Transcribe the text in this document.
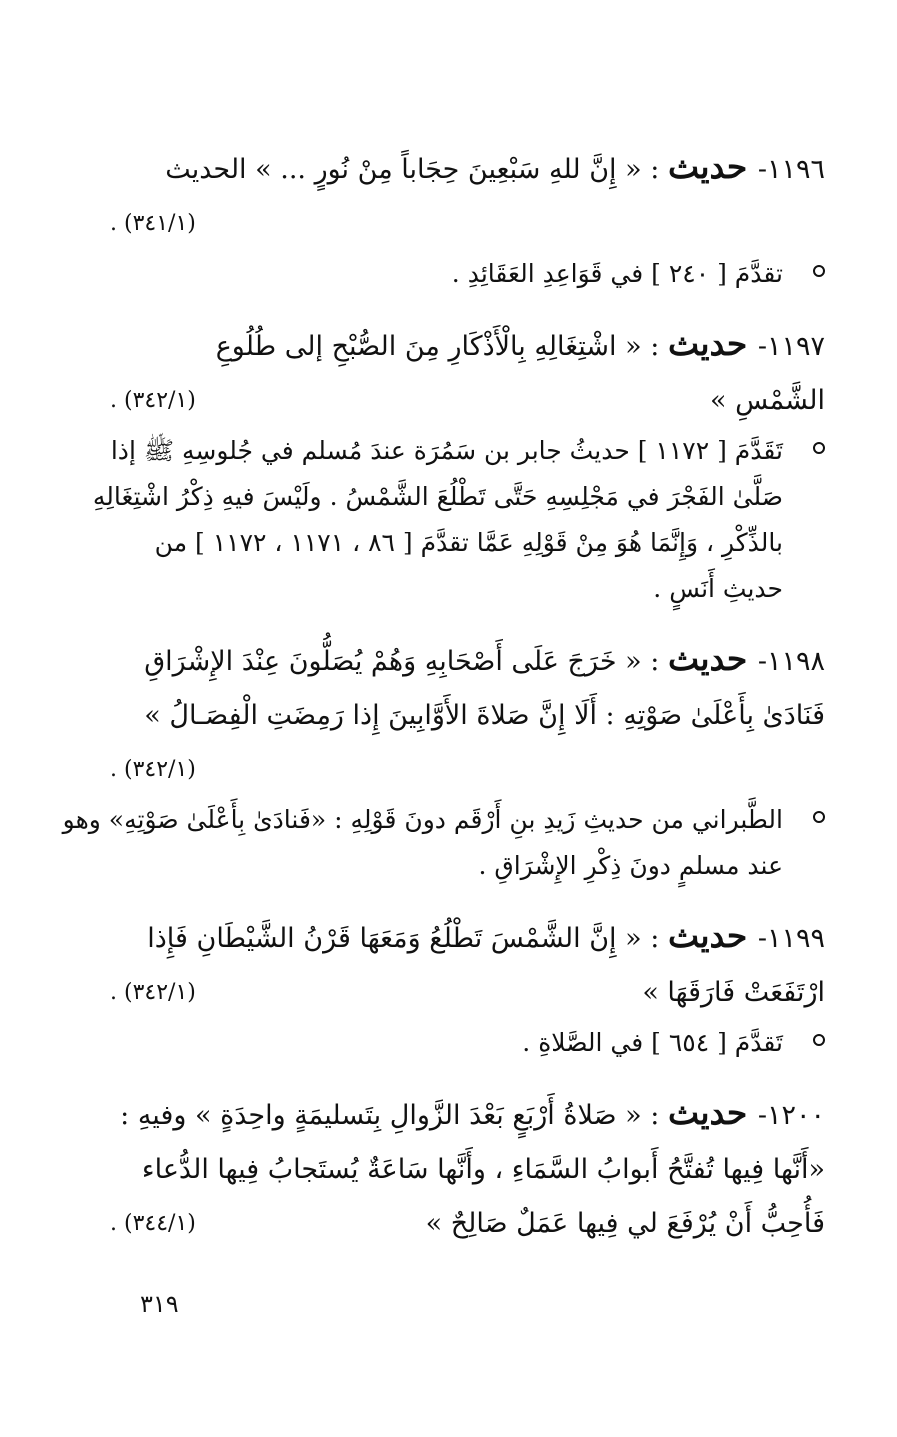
١١٩٦- حديث : « إِنَّ للهِ سَبْعِينَ حِجَاباً مِنْ نُورٍ ... » الحديث
(٣٤١/١) .

تقدَّمَ [ ٢٤٠ ] في قَوَاعِدِ العَقَائِدِ .
١١٩٧- حديث : « اشْتِغَالِهِ بِالْأَذْكَارِ مِنَ الصُّبْحِ إلى طُلُوعِ
الشَّمْسِ »
(٣٤٢/١) .
تَقَدَّمَ [ ١١٧٢ ] حديثُ جابر بن سَمُرَة عندَ مُسلم في جُلوسِهِ ﷺ إذا
صَلَّىٰ الفَجْرَ في مَجْلِسِهِ حَتَّى تَطْلُعَ الشَّمْسُ . ولَيْسَ فيهِ ذِكْرُ اشْتِغَالِهِ
بالذِّكْرِ ، وَإِنَّمَا هُوَ مِنْ قَوْلِهِ عَمَّا تقدَّمَ [ ٨٦ ، ١١٧١ ، ١١٧٢ ] من
حديثِ أَنَسٍ .
١١٩٨- حديث : « خَرَجَ عَلَى أَصْحَابِهِ وَهُمْ يُصَلُّونَ عِنْدَ الإِشْرَاقِ
فَنَادَىٰ بِأَعْلَىٰ صَوْتِهِ : أَلَا إِنَّ صَلاةَ الأَوَّابِينَ إِذا رَمِضَتِ الْفِصَـالُ »
(٣٤٢/١) .

الطَّبراني من حديثِ زَيدِ بنِ أَرْقَم دونَ قَوْلِهِ : «فَنادَىٰ بِأَعْلَىٰ صَوْتِهِ» وهو
عند مسلمٍ دونَ ذِكْرِ الإِشْرَاقِ .
١١٩٩- حديث : « إِنَّ الشَّمْسَ تَطْلُعُ وَمَعَهَا قَرْنُ الشَّيْطَانِ فَإِذا
ارْتَفَعَتْ فَارَقَهَا »
(٣٤٢/١) .
تَقدَّمَ [ ٦٥٤ ] في الصَّلاةِ .
١٢٠٠- حديث : « صَلاةُ أَرْبَعٍ بَعْدَ الزَّوالِ بِتَسليمَةٍ واحِدَةٍ » وفيهِ :
«أَنَّها فِيها تُفتَّحُ أَبوابُ السَّمَاءِ ، وأَنَّها سَاعَةٌ يُستَجابُ فِيها الدُّعاء
فَأُحِبُّ أَنْ يُرْفَعَ لي فِيها عَمَلٌ صَالِحٌ »
(٣٤٤/١) .
٣١٩
